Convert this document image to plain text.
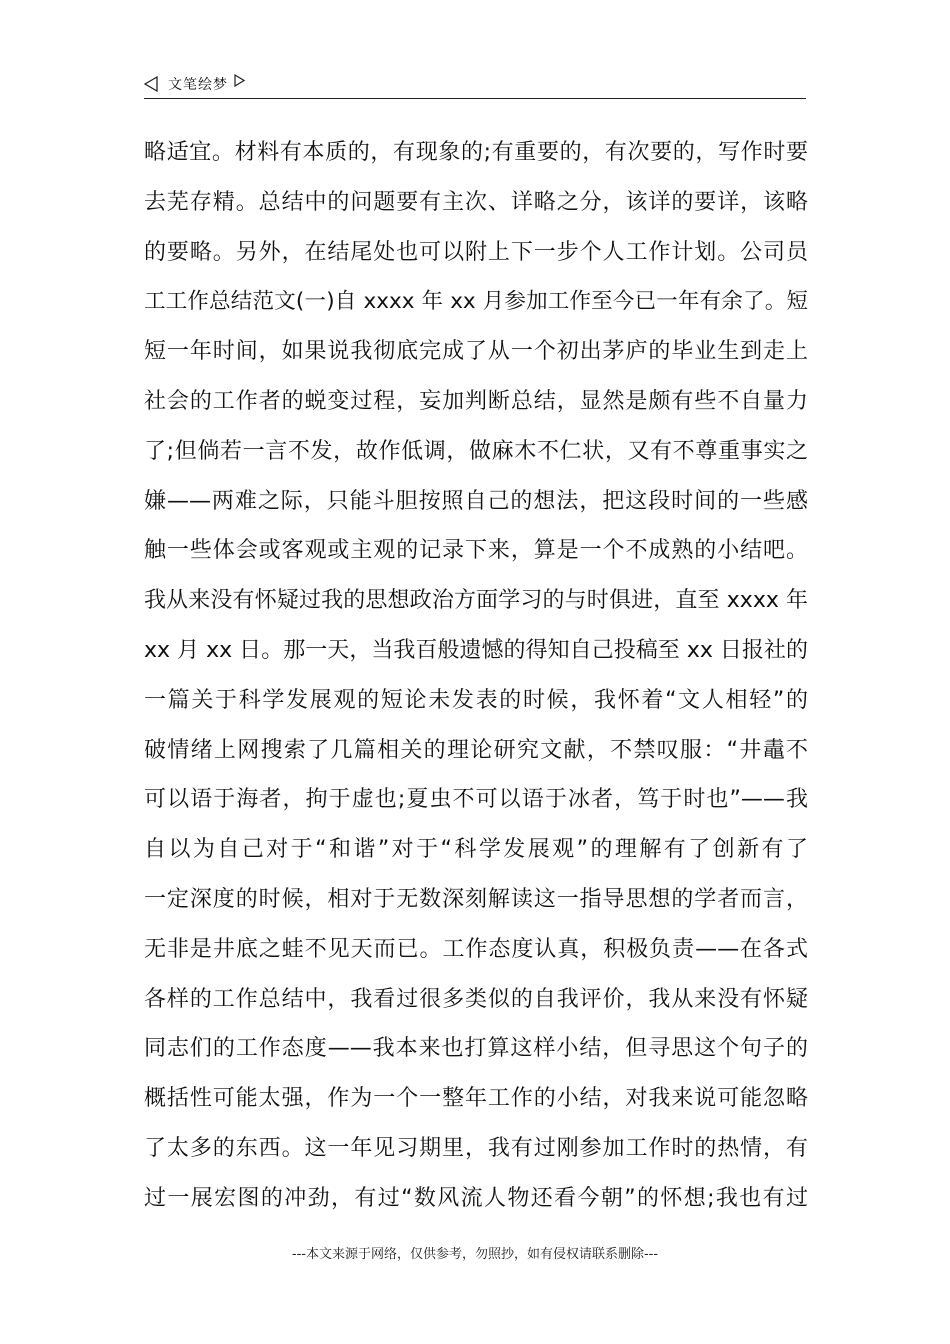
文笔绘梦
略适宜。材料有本质的，有现象的;有重要的，有次要的，写作时要
去芜存精。总结中的问题要有主次、详略之分，该详的要详，该略
的要略。另外，在结尾处也可以附上下一步个人工作计划。公司员
工工作总结范文(一)自 xxxx 年 xx 月参加工作至今已一年有余了。短
短一年时间，如果说我彻底完成了从一个初出茅庐的毕业生到走上
社会的工作者的蜕变过程，妄加判断总结，显然是颇有些不自量力
了;但倘若一言不发，故作低调，做麻木不仁状，又有不尊重事实之
嫌——两难之际，只能斗胆按照自己的想法，把这段时间的一些感
触一些体会或客观或主观的记录下来，算是一个不成熟的小结吧。
我从来没有怀疑过我的思想政治方面学习的与时俱进，直至 xxxx 年
xx 月 xx 日。那一天，当我百般遗憾的得知自己投稿至 xx 日报社的
一篇关于科学发展观的短论未发表的时候，我怀着“文人相轻”的
破情绪上网搜索了几篇相关的理论研究文献，不禁叹服：“井鼃不
可以语于海者，拘于虚也;夏虫不可以语于冰者，笃于时也”——我
自以为自己对于“和谐”对于“科学发展观”的理解有了创新有了
一定深度的时候，相对于无数深刻解读这一指导思想的学者而言，
无非是井底之蛙不见天而已。工作态度认真，积极负责——在各式
各样的工作总结中，我看过很多类似的自我评价，我从来没有怀疑
同志们的工作态度——我本来也打算这样小结，但寻思这个句子的
概括性可能太强，作为一个一整年工作的小结，对我来说可能忽略
了太多的东西。这一年见习期里，我有过刚参加工作时的热情，有
过一展宏图的冲劲，有过“数风流人物还看今朝”的怀想;我也有过
---本文来源于网络，仅供参考，勿照抄，如有侵权请联系删除---
